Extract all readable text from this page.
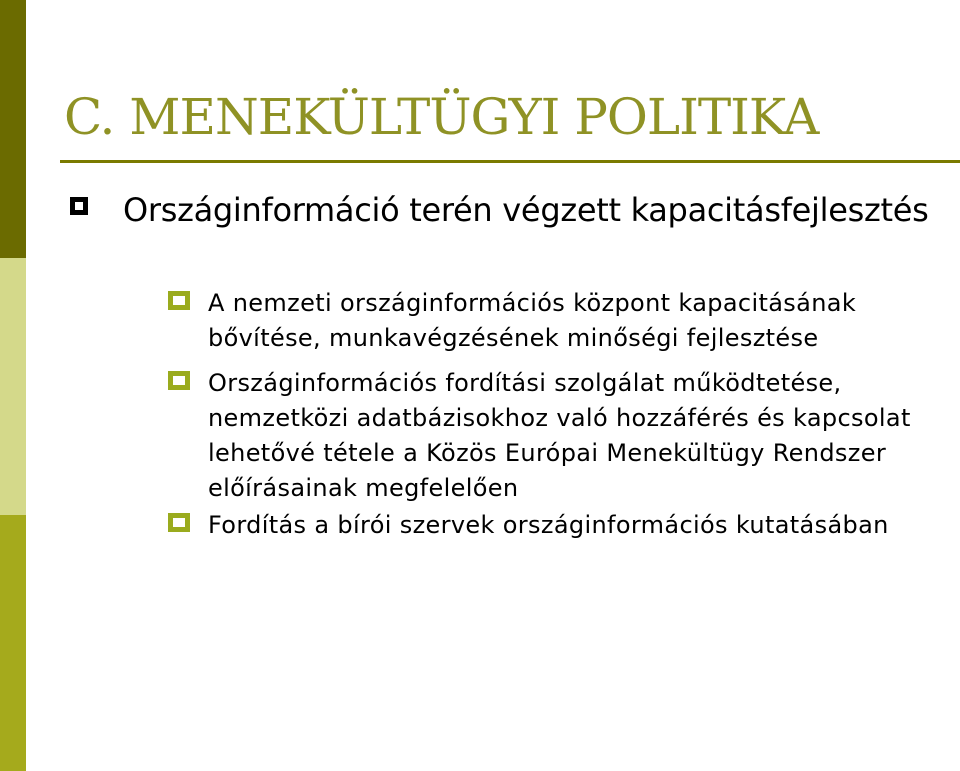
C. MENEKÜLTÜGYI POLITIKA
Országinformáció terén végzett kapacitásfejlesztés
A nemzeti országinformációs központ kapacitásának bővítése, munkavégzésének minőségi fejlesztése
Országinformációs fordítási szolgálat működtetése, nemzetközi adatbázisokhoz való hozzáférés és kapcsolat lehetővé tétele a Közös Európai Menekültügy Rendszer előírásainak megfelelően
Fordítás a bírói szervek országinformációs kutatásában
